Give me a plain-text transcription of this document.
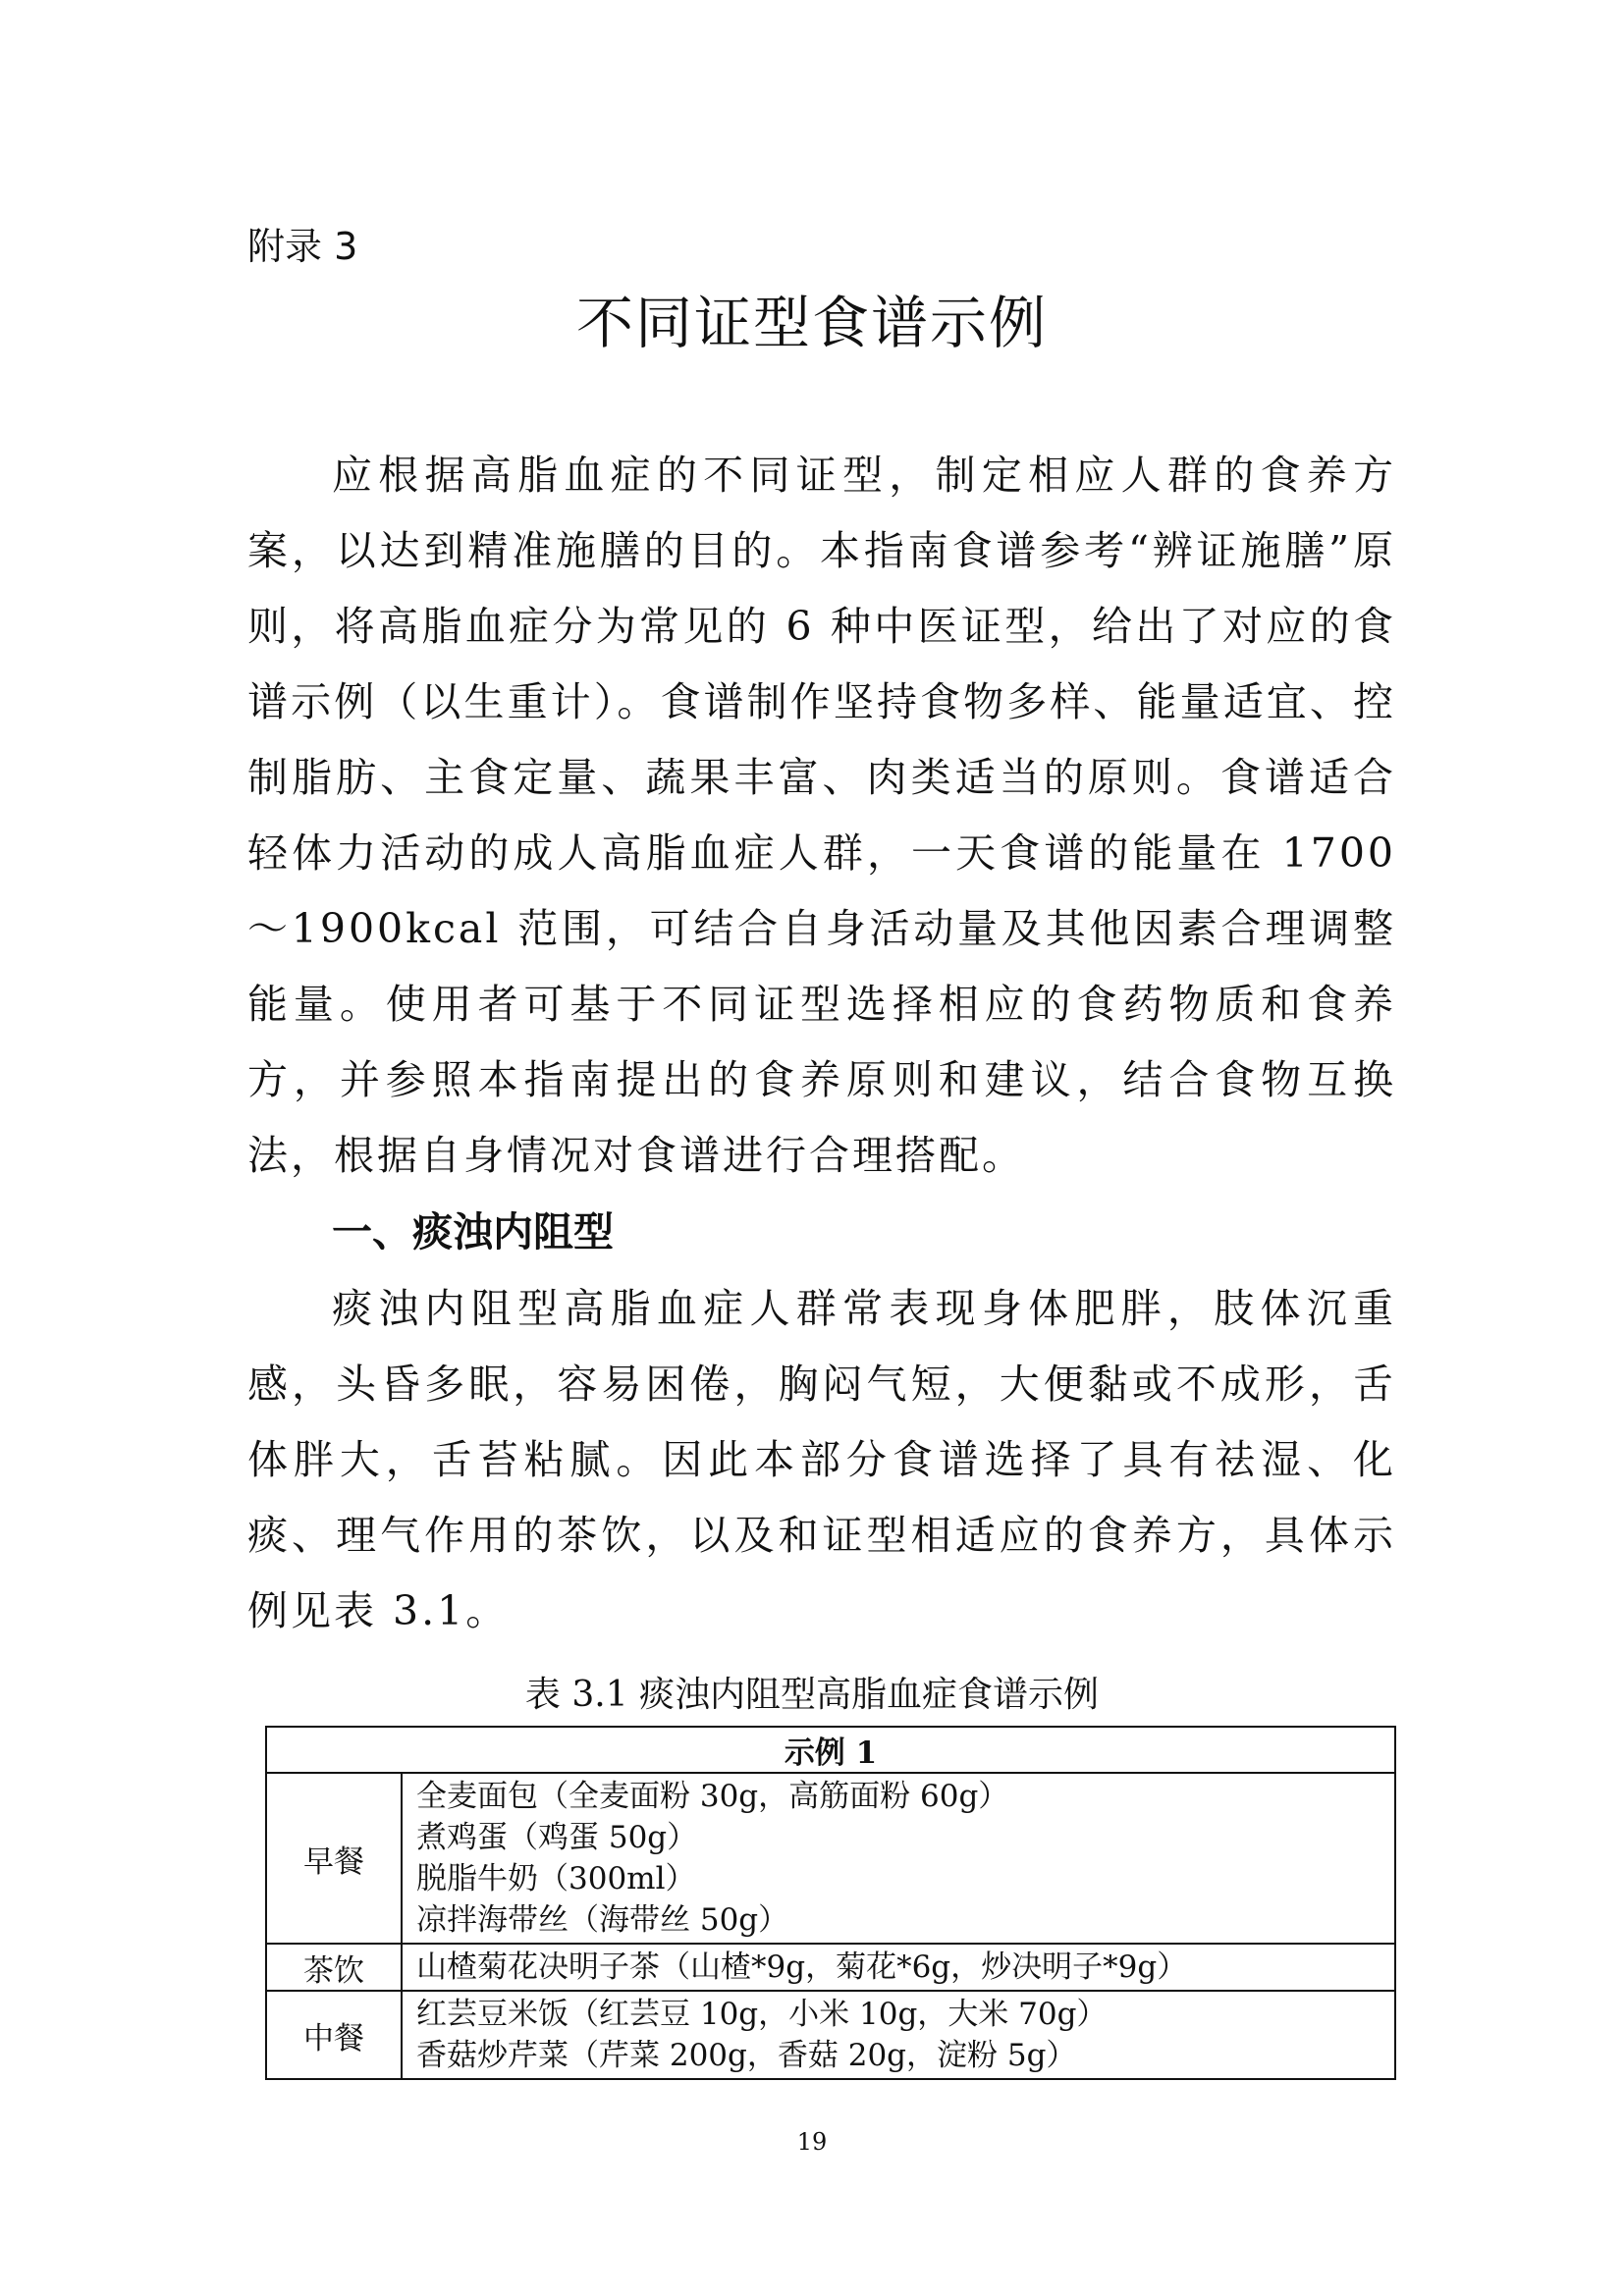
附录 3
不同证型食谱示例

应根据高脂血症的不同证型，制定相应人群的食养方案，以达到精准施膳的目的。本指南食谱参考“辨证施膳”原则，将高脂血症分为常见的 6 种中医证型，给出了对应的食谱示例（以生重计）。食谱制作坚持食物多样、能量适宜、控制脂肪、主食定量、蔬果丰富、肉类适当的原则。食谱适合轻体力活动的成人高脂血症人群，一天食谱的能量在 1700～1900kcal 范围，可结合自身活动量及其他因素合理调整能量。使用者可基于不同证型选择相应的食药物质和食养方，并参照本指南提出的食养原则和建议，结合食物互换法，根据自身情况对食谱进行合理搭配。

一、痰浊内阻型

痰浊内阻型高脂血症人群常表现身体肥胖，肢体沉重感，头昏多眠，容易困倦，胸闷气短，大便黏或不成形，舌体胖大，舌苔粘腻。因此本部分食谱选择了具有祛湿、化痰、理气作用的茶饮，以及和证型相适应的食养方，具体示例见表 3.1。

表 3.1 痰浊内阻型高脂血症食谱示例
示例 1	
早餐	全麦面包（全麦面粉 30g，高筋面粉 60g）
煮鸡蛋（鸡蛋 50g）
脱脂牛奶（300ml）
凉拌海带丝（海带丝 50g）

茶饮	山楂菊花决明子茶（山楂*9g，菊花*6g，炒决明子*9g）

中餐	红芸豆米饭（红芸豆 10g，小米 10g，大米 70g）
香菇炒芹菜（芹菜 200g，香菇 20g，淀粉 5g）
19
